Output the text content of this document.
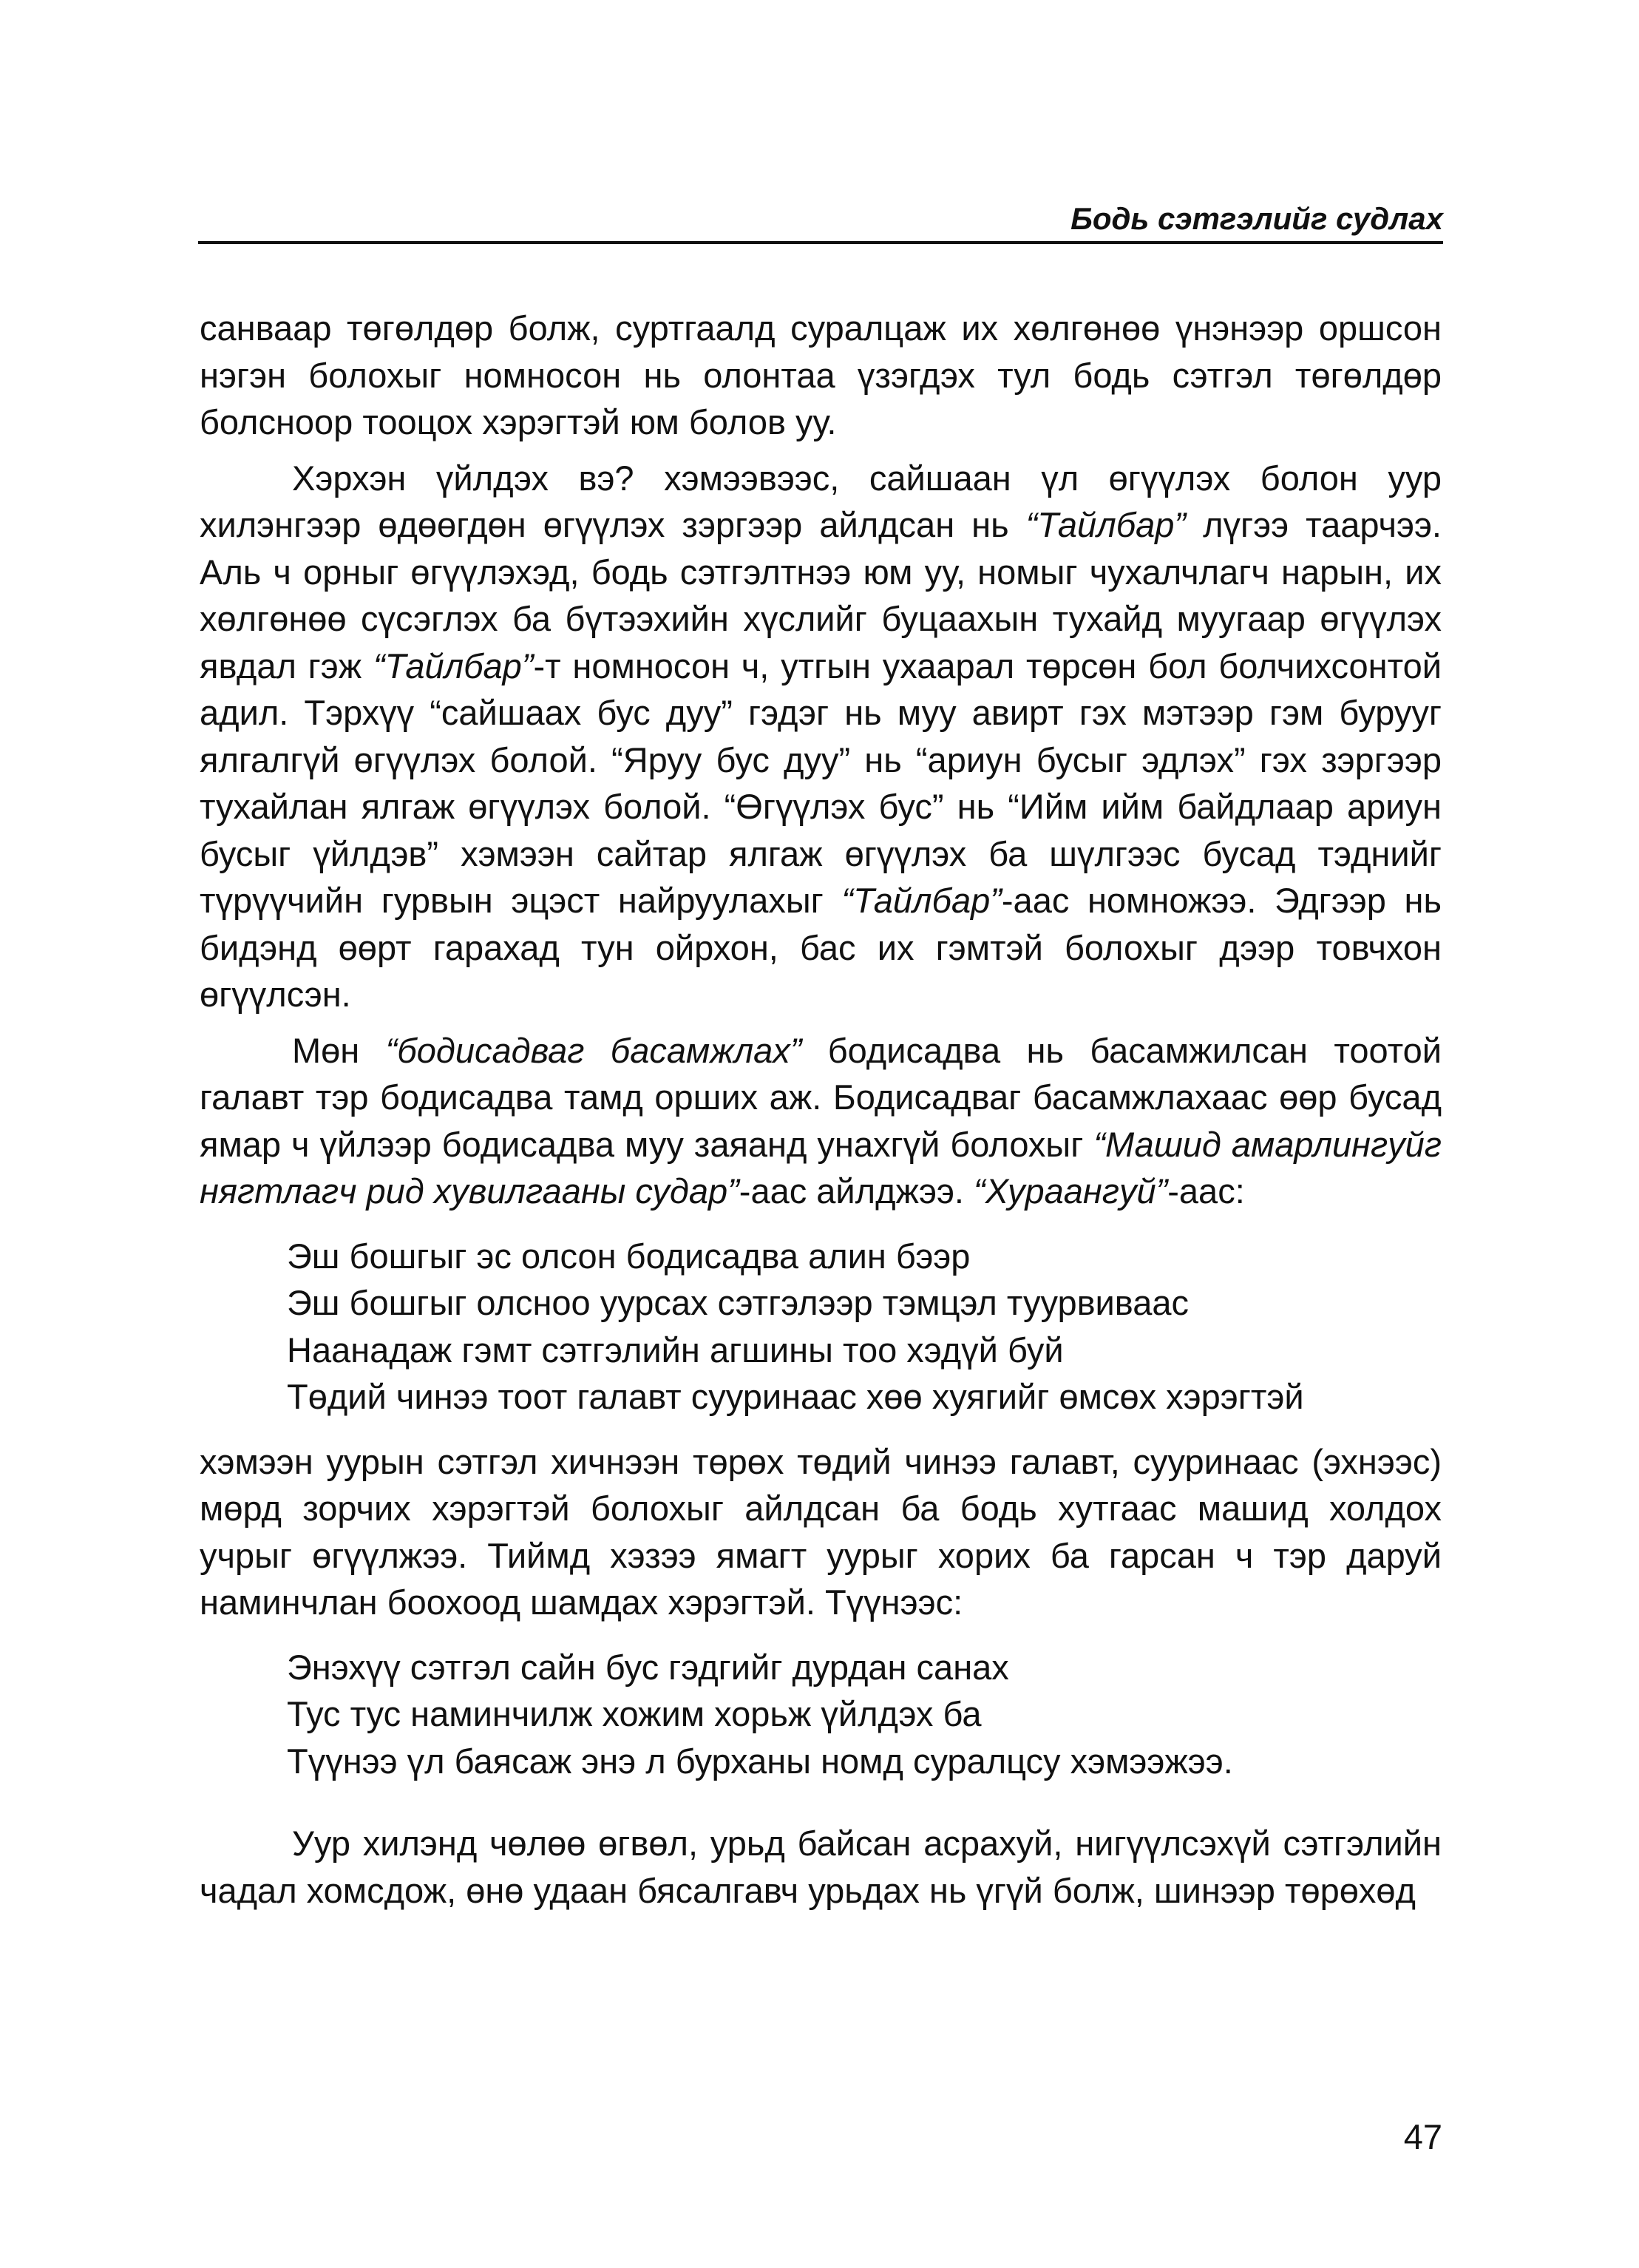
Бодь сэтгэлийг судлах

санваар төгөлдөр болж, суртгаалд суралцаж их хөлгөнөө үнэнээр оршсон нэгэн болохыг номносон нь олонтаа үзэгдэх тул бодь сэтгэл төгөлдөр болсноор тооцох хэрэгтэй юм болов уу.

Хэрхэн үйлдэх вэ? хэмээвээс, сайшаан үл өгүүлэх болон уур хилэнгээр өдөөгдөн өгүүлэх зэргээр айлдсан нь “Тайлбар” лүгээ таарчээ. Аль ч орныг өгүүлэхэд, бодь сэтгэлтнээ юм уу, номыг чухалчлагч нарын, их хөлгөнөө сүсэглэх ба бүтээхийн хүслийг буцаахын тухайд муугаар өгүүлэх явдал гэж “Тайлбар”-т номносон ч, утгын ухаарал төрсөн бол болчихсонтой адил. Тэрхүү “сайшаах бус дуу” гэдэг нь муу авирт гэх мэтээр гэм бурууг ялгалгүй өгүүлэх болой. “Яруу бус дуу” нь “ариун бусыг эдлэх” гэх зэргээр тухайлан ялгаж өгүүлэх болой. “Өгүүлэх бус” нь “Ийм ийм байдлаар ариун бусыг үйлдэв” хэмээн сайтар ялгаж өгүүлэх ба шүлгээс бусад тэднийг түрүүчийн гурвын эцэст найруулахыг “Тайлбар”-аас номножээ. Эдгээр нь бидэнд өөрт гарахад тун ойрхон, бас их гэмтэй болохыг дээр товчхон өгүүлсэн.

Мөн “бодисадваг басамжлах” бодисадва нь басамжилсан тоотой галавт тэр бодисадва тамд орших аж. Бодисадваг басамжлахаас өөр бусад ямар ч үйлээр бодисадва муу заяанд унахгүй болохыг “Машид амарлингуйг нягтлагч рид хувилгааны судар”-аас айлджээ. “Хураангуй”-аас:

Эш бошгыг эс олсон бодисадва алин бээр
Эш бошгыг олсноо уурсах сэтгэлээр тэмцэл туурвиваас
Наанадаж гэмт сэтгэлийн агшины тоо хэдүй буй
Төдий чинээ тоот галавт сууринаас хөө хуягийг өмсөх хэрэгтэй

хэмээн уурын сэтгэл хичнээн төрөх төдий чинээ галавт, сууринаас (эхнээс) мөрд зорчих хэрэгтэй болохыг айлдсан ба бодь хутгаас машид холдох учрыг өгүүлжээ. Тиймд хэзээ ямагт уурыг хорих ба гарсан ч тэр даруй наминчлан боохоод шамдах хэрэгтэй. Түүнээс:

Энэхүү сэтгэл сайн бус гэдгийг дурдан санах
Тус тус наминчилж хожим хорьж үйлдэх ба
Түүнээ үл баясаж энэ л бурханы номд суралцсу хэмээжээ.

Уур хилэнд чөлөө өгвөл, урьд байсан асрахуй, нигүүлсэхүй сэтгэлийн чадал хомсдож, өнө удаан бясалгавч урьдах нь үгүй болж, шинээр төрөхөд

47
